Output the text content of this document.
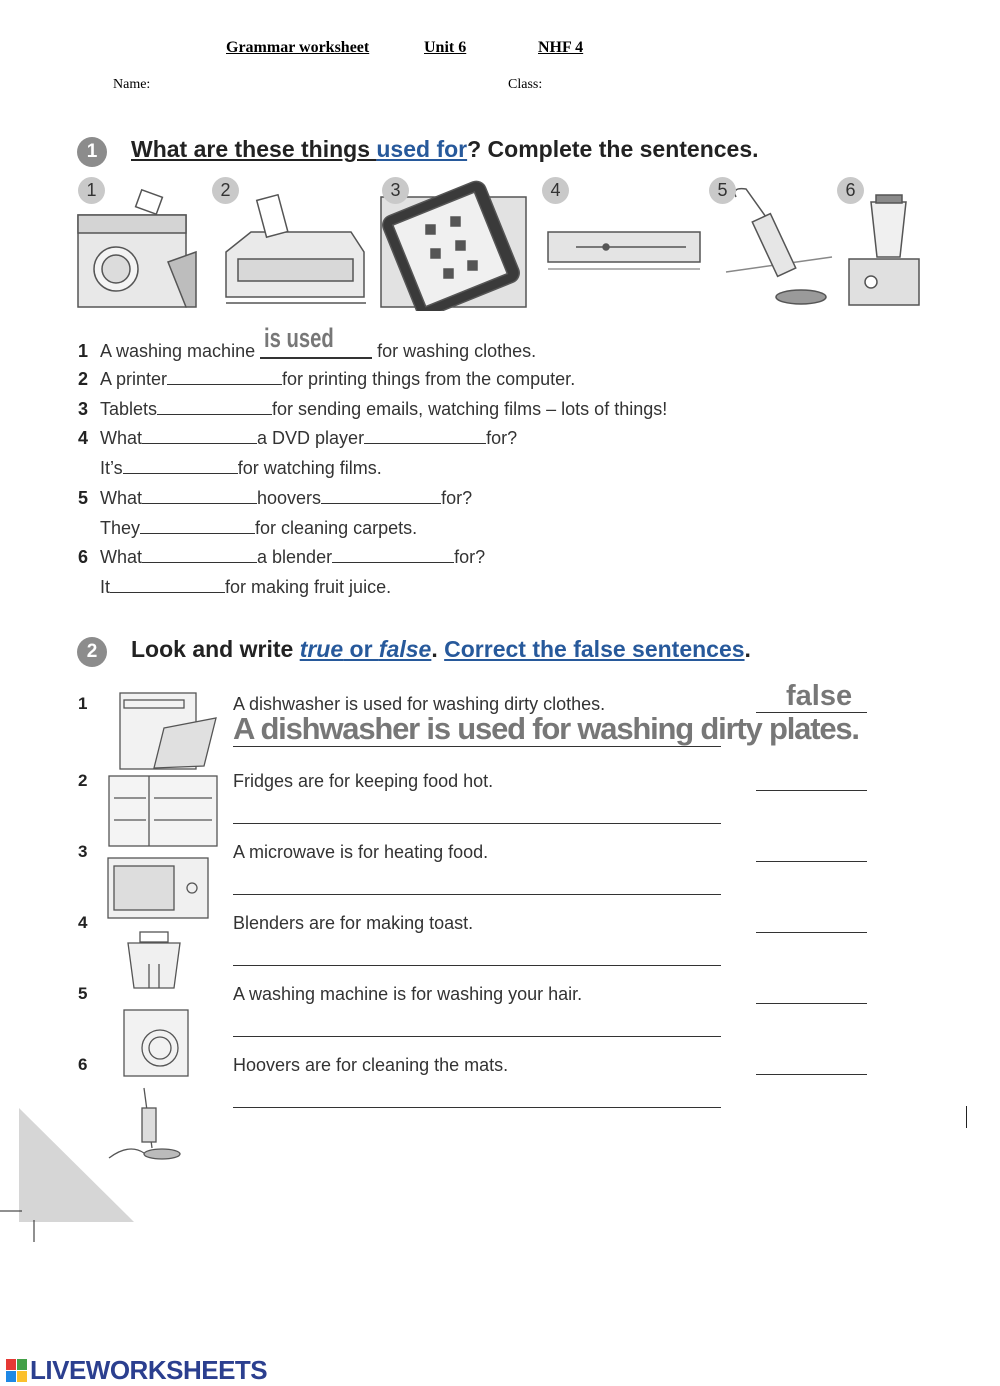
Grammar worksheet	Unit 6	NHF 4
Name:	Class:
1	What are these things used for? Complete the sentences.
1	2	3	4	5	6
1 A washing machine is used for washing clothes.
2 A printer	for printing things from the computer.
3 Tablets	for sending emails, watching films – lots of things!
4 What	a DVD player	for?
It’s	for watching films.
5 What	hoovers	for?
They	for cleaning carpets.
6 What	a blender	for?
It	for making fruit juice.
2	Look and write true or false. Correct the false sentences.
1	A dishwasher is used for washing dirty clothes.	false
A dishwasher is used for washing dirty plates.
2	Fridges are for keeping food hot.
3	A microwave is for heating food.
4	Blenders are for making toast.
5	A washing machine is for washing your hair.
6	Hoovers are for cleaning the mats.
LIVEWORKSHEETS
